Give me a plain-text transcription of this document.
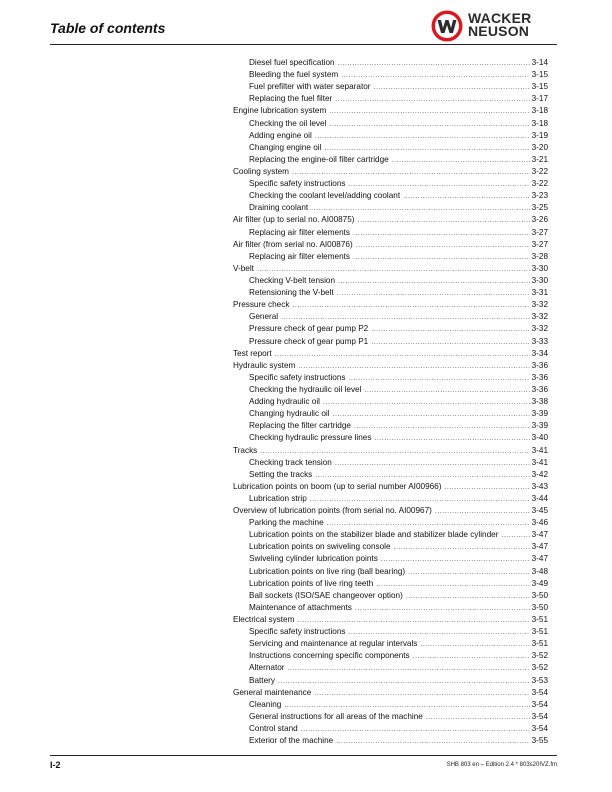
Table of contents
WACKER
NEUSON
Diesel fuel specification .....	3-14
Bleeding the fuel system .....	3-15
Fuel prefilter with water separator .....	3-15
Replacing the fuel filter .....	3-17
Engine lubrication system .....	3-18
Checking the oil level .....	3-18
Adding engine oil .....	3-19
Changing engine oil .....	3-20
Replacing the engine-oil filter cartridge .....	3-21
Cooling system .....	3-22
Specific safety instructions .....	3-22
Checking the coolant level/adding coolant .....	3-23
Draining coolant .....	3-25
Air filter (up to serial no. AI00875) .....	3-26
Replacing air filter elements .....	3-27
Air filter (from serial no. AI00876) .....	3-27
Replacing air filter elements .....	3-28
V-belt .....	3-30
Checking V-belt tension .....	3-30
Retensioning the V-belt .....	3-31
Pressure check .....	3-32
General .....	3-32
Pressure check of gear pump P2 .....	3-32
Pressure check of gear pump P1 .....	3-33
Test report .....	3-34
Hydraulic system .....	3-36
Specific safety instructions .....	3-36
Checking the hydraulic oil level .....	3-36
Adding hydraulic oil .....	3-38
Changing hydraulic oil .....	3-39
Replacing the filter cartridge .....	3-39
Checking hydraulic pressure lines .....	3-40
Tracks .....	3-41
Checking track tension .....	3-41
Setting the tracks .....	3-42
Lubrication points on boom (up to serial number AI00966) .....	3-43
Lubrication strip .....	3-44
Overview of lubrication points (from serial no. AI00967) .....	3-45
Parking the machine .....	3-46
Lubrication points on the stabilizer blade and stabilizer blade cylinder .....	3-47
Lubrication points on swiveling console .....	3-47
Swiveling cylinder lubrication points .....	3-47
Lubrication points on live ring (ball bearing) .....	3-48
Lubrication points of live ring teeth .....	3-49
Ball sockets (ISO/SAE changeover option) .....	3-50
Maintenance of attachments .....	3-50
Electrical system .....	3-51
Specific safety instructions .....	3-51
Servicing and maintenance at regular intervals .....	3-51
Instructions concerning specific components .....	3-52
Alternator .....	3-52
Battery .....	3-53
General maintenance .....	3-54
Cleaning .....	3-54
General instructions for all areas of the machine .....	3-54
Control stand .....	3-54
Exterior of the machine .....	3-55
I-2	SHB 803 en – Edition 2.4 * 803s20IVZ.fm
